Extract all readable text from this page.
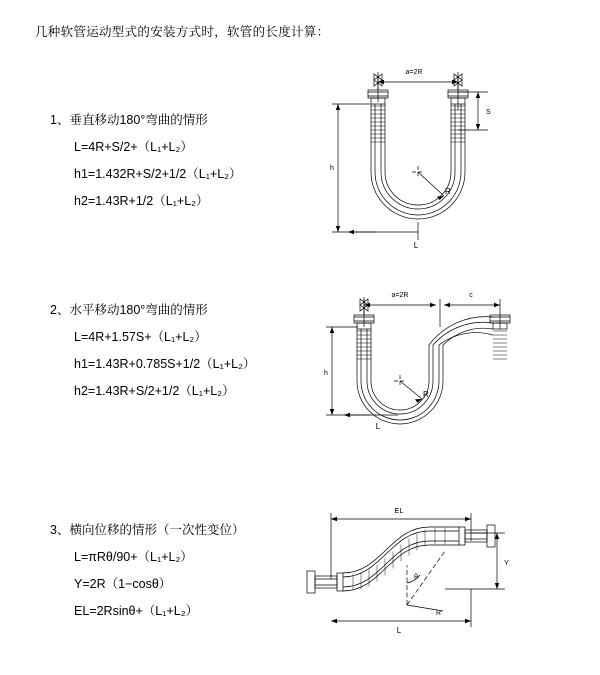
几种软管运动型式的安装方式时，软管的长度计算：
1、垂直移动180°弯曲的情形
L=4R+S/2+（L₁+L₂）
h1=1.432R+S/2+1/2（L₁+L₂）
h2=1.43R+1/2（L₁+L₂）
a=2R
S
h
R
L
2、水平移动180°弯曲的情形
L=4R+1.57S+（L₁+L₂）
h1=1.43R+0.785S+1/2（L₁+L₂）
h2=1.43R+S/2+1/2（L₁+L₂）
a=2R	c
h
R
L
3、横向位移的情形（一次性变位）
L=πRθ/90+（L₁+L₂）
Y=2R（1−cosθ）
EL=2Rsinθ+（L₁+L₂）
EL
Y
L
θ
R
